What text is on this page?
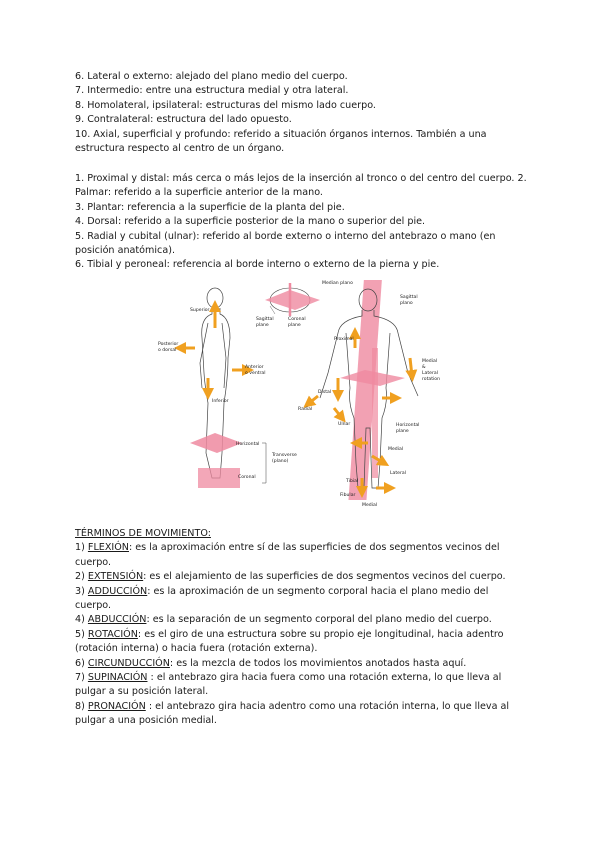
6. Lateral o externo: alejado del plano medio del cuerpo.

7. Intermedio: entre una estructura medial y otra lateral.

8. Homolateral, ipsilateral: estructuras del mismo lado cuerpo.

9. Contralateral: estructura del lado opuesto.

10. Axial, superficial y profundo: referido a situación órganos internos. También a una

estructura respecto al centro de un órgano.

1. Proximal y distal: más cerca o más lejos de la inserción al tronco o del centro del cuerpo. 2.

Palmar: referido a la superficie anterior de la mano.

3. Plantar: referencia a la superficie de la planta del pie.

4. Dorsal: referido a la superficie posterior de la mano o superior del pie.

5. Radial y cubital (ulnar): referido al borde externo o interno del antebrazo o mano (en

posición anatómica).

6. Tibial y peroneal: referencia al borde interno o externo de la pierna y pie.

Superior
Posterior
o dorsal
Anterior
o ventral
Inferior
Horizontal
Transverse
(plano)
Coronal
Sagittal
plane
Coronal
plane
Median plano
Sagittal
plano
Proximal
Medial
&
Lateral
rotation
Distal
Radial
Ulnar	Horizontal
plane
Medial
Lateral
Tibial
Fibular
Medial

TÉRMINOS DE MOVIMIENTO:

1) FLEXIÓN: es la aproximación entre sí de las superficies de dos segmentos vecinos del

cuerpo.

2) EXTENSIÓN: es el alejamiento de las superficies de dos segmentos vecinos del cuerpo.

3) ADDUCCIÓN: es la aproximación de un segmento corporal hacia el plano medio del

cuerpo.

4) ABDUCCIÓN: es la separación de un segmento corporal del plano medio del cuerpo.

5) ROTACIÓN: es el giro de una estructura sobre su propio eje longitudinal, hacia adentro

(rotación interna) o hacia fuera (rotación externa).

6) CIRCUNDUCCIÓN: es la mezcla de todos los movimientos anotados hasta aquí.

7) SUPINACIÓN : el antebrazo gira hacia fuera como una rotación externa, lo que lleva al

pulgar a su posición lateral.

8) PRONACIÓN : el antebrazo gira hacia adentro como una rotación interna, lo que lleva al

pulgar a una posición medial.
